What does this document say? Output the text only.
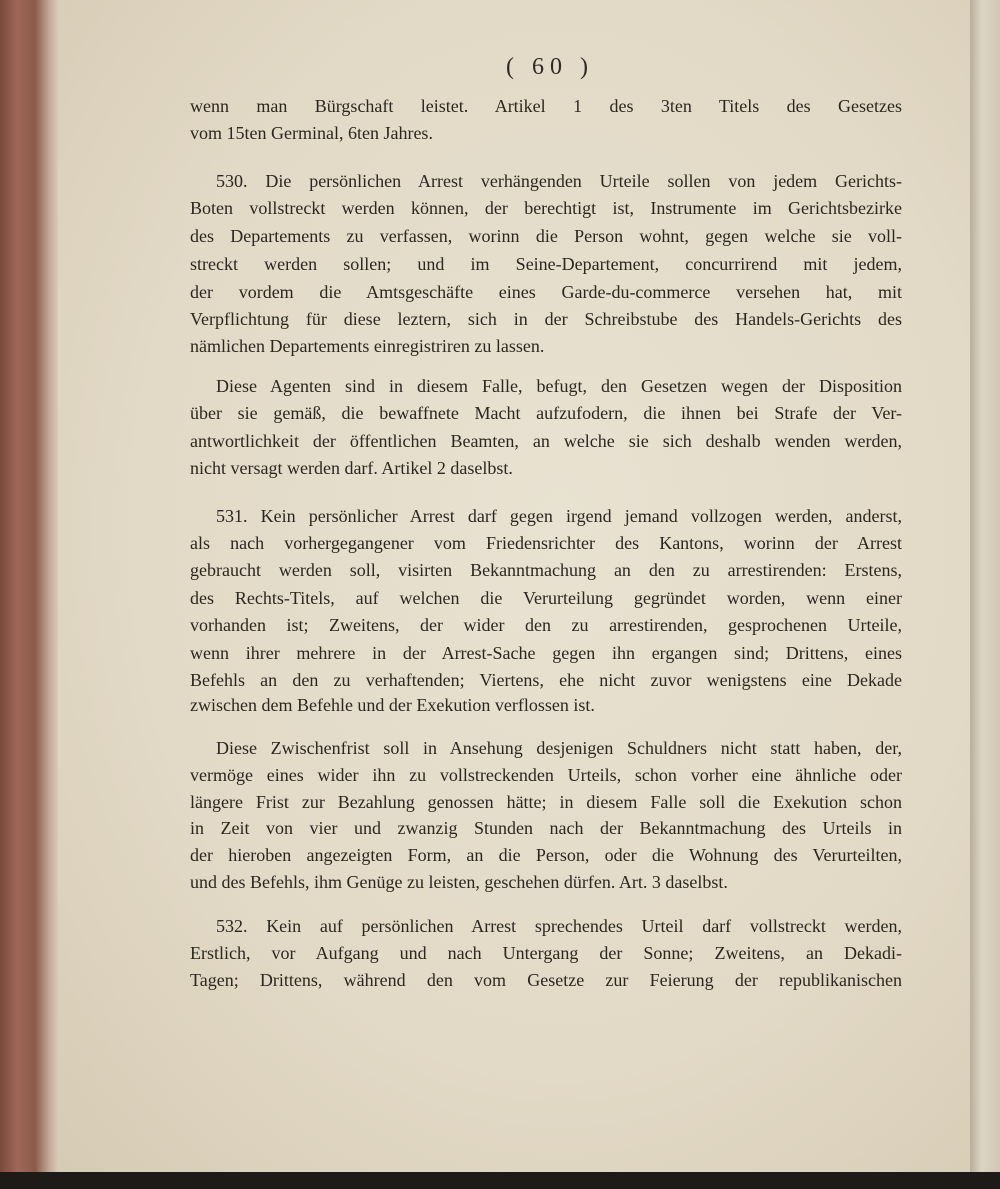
( 60 )
wenn man Bürgschaft leistet. Artikel 1 des 3ten Titels des Gesetzes
vom 15ten Germinal, 6ten Jahres.
530. Die persönlichen Arrest verhängenden Urteile sollen von jedem Gerichts-
Boten vollstreckt werden können, der berechtigt ist, Instrumente im Gerichtsbezirke
des Departements zu verfassen, worinn die Person wohnt, gegen welche sie voll-
streckt werden sollen; und im Seine-Departement, concurrirend mit jedem,
der vordem die Amtsgeschäfte eines Garde-du-commerce versehen hat, mit
Verpflichtung für diese leztern, sich in der Schreibstube des Handels-Gerichts des
nämlichen Departements einregistriren zu lassen.
Diese Agenten sind in diesem Falle, befugt, den Gesetzen wegen der Disposition
über sie gemäß, die bewaffnete Macht aufzufodern, die ihnen bei Strafe der Ver-
antwortlichkeit der öffentlichen Beamten, an welche sie sich deshalb wenden werden,
nicht versagt werden darf. Artikel 2 daselbst.
531. Kein persönlicher Arrest darf gegen irgend jemand vollzogen werden, anderst,
als nach vorhergegangener vom Friedensrichter des Kantons, worinn der Arrest
gebraucht werden soll, visirten Bekanntmachung an den zu arrestirenden: Erstens,
des Rechts-Titels, auf welchen die Verurteilung gegründet worden, wenn einer
vorhanden ist; Zweitens, der wider den zu arrestirenden, gesprochenen Urteile,
wenn ihrer mehrere in der Arrest-Sache gegen ihn ergangen sind; Drittens, eines
Befehls an den zu verhaftenden; Viertens, ehe nicht zuvor wenigstens eine Dekade
zwischen dem Befehle und der Exekution verflossen ist.
Diese Zwischenfrist soll in Ansehung desjenigen Schuldners nicht statt haben, der,
vermöge eines wider ihn zu vollstreckenden Urteils, schon vorher eine ähnliche oder
längere Frist zur Bezahlung genossen hätte; in diesem Falle soll die Exekution schon
in Zeit von vier und zwanzig Stunden nach der Bekanntmachung des Urteils in
der hieroben angezeigten Form, an die Person, oder die Wohnung des Verurteilten,
und des Befehls, ihm Genüge zu leisten, geschehen dürfen. Art. 3 daselbst.
532. Kein auf persönlichen Arrest sprechendes Urteil darf vollstreckt werden,
Erstlich, vor Aufgang und nach Untergang der Sonne; Zweitens, an Dekadi-
Tagen; Drittens, während den vom Gesetze zur Feierung der republikanischen
